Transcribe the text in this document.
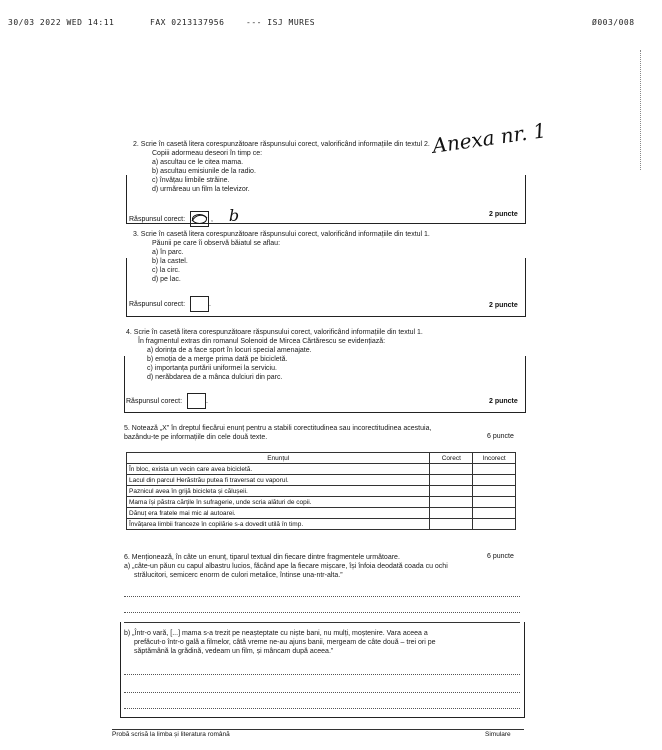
30/03 2022 WED 14:11	FAX 0213137956	--- ISJ MURES	Ø003/008
Anexa nr. 1
2. Scrie în casetă litera corespunzătoare răspunsului corect, valorificând informațiile din textul 2.
Copiii adormeau deseori în timp ce:
a) ascultau ce le citea mama.
b) ascultau emisiunile de la radio.
c) învățau limbile străine.
d) urmăreau un film la televizor.
Răspunsul corect:	, b	2 puncte
3. Scrie în casetă litera corespunzătoare răspunsului corect, valorificând informațiile din textul 1.
Păunii pe care îi observă băiatul se aflau:
a) în parc.
b) la castel.
c) la circ.
d) pe lac.
Răspunsul corect:	.	2 puncte
4. Scrie în casetă litera corespunzătoare răspunsului corect, valorificând informațiile din textul 1.
În fragmentul extras din romanul Solenoid de Mircea Cărtărescu se evidențiază:
a) dorința de a face sport în locuri special amenajate.
b) emoția de a merge prima dată pe bicicletă.
c) importanța purtării uniformei la serviciu.
d) nerăbdarea de a mânca dulciuri din parc.
Răspunsul corect:	.	2 puncte
5. Notează „X” în dreptul fiecărui enunț pentru a stabili corectitudinea sau incorectitudinea acestuia,
bazându-te pe informațiile din cele două texte.	6 puncte
Enunțul	Corect	Incorect
În bloc, exista un vecin care avea bicicletă.		
Lacul din parcul Herăstrău putea fi traversat cu vaporul.		
Paznicul avea în grijă bicicleta și călușeii.		
Mama își păstra cărțile în sufragerie, unde scria alături de copii.		
Dănuț era fratele mai mic al autoarei.		
Învățarea limbii franceze în copilărie s-a dovedit utilă în timp.		
6. Menționează, în câte un enunț, tiparul textual din fiecare dintre fragmentele următoare.	6 puncte
a) „câte-un păun cu capul albastru lucios, făcând ape la fiecare mișcare, își înfoia deodată coada cu ochi
strălucitori, semicerc enorm de culori metalice, întinse una-ntr-alta.”
b) „Într-o vară, [...] mama s-a trezit pe neașteptate cu niște bani, nu mulți, moștenire. Vara aceea a
prefăcut-o într-o gală a filmelor, câtă vreme ne-au ajuns banii, mergeam de câte două – trei ori pe
săptămână la grădină, vedeam un film, și mâncam după aceea.”
Probă scrisă la limba și literatura română	Simulare
